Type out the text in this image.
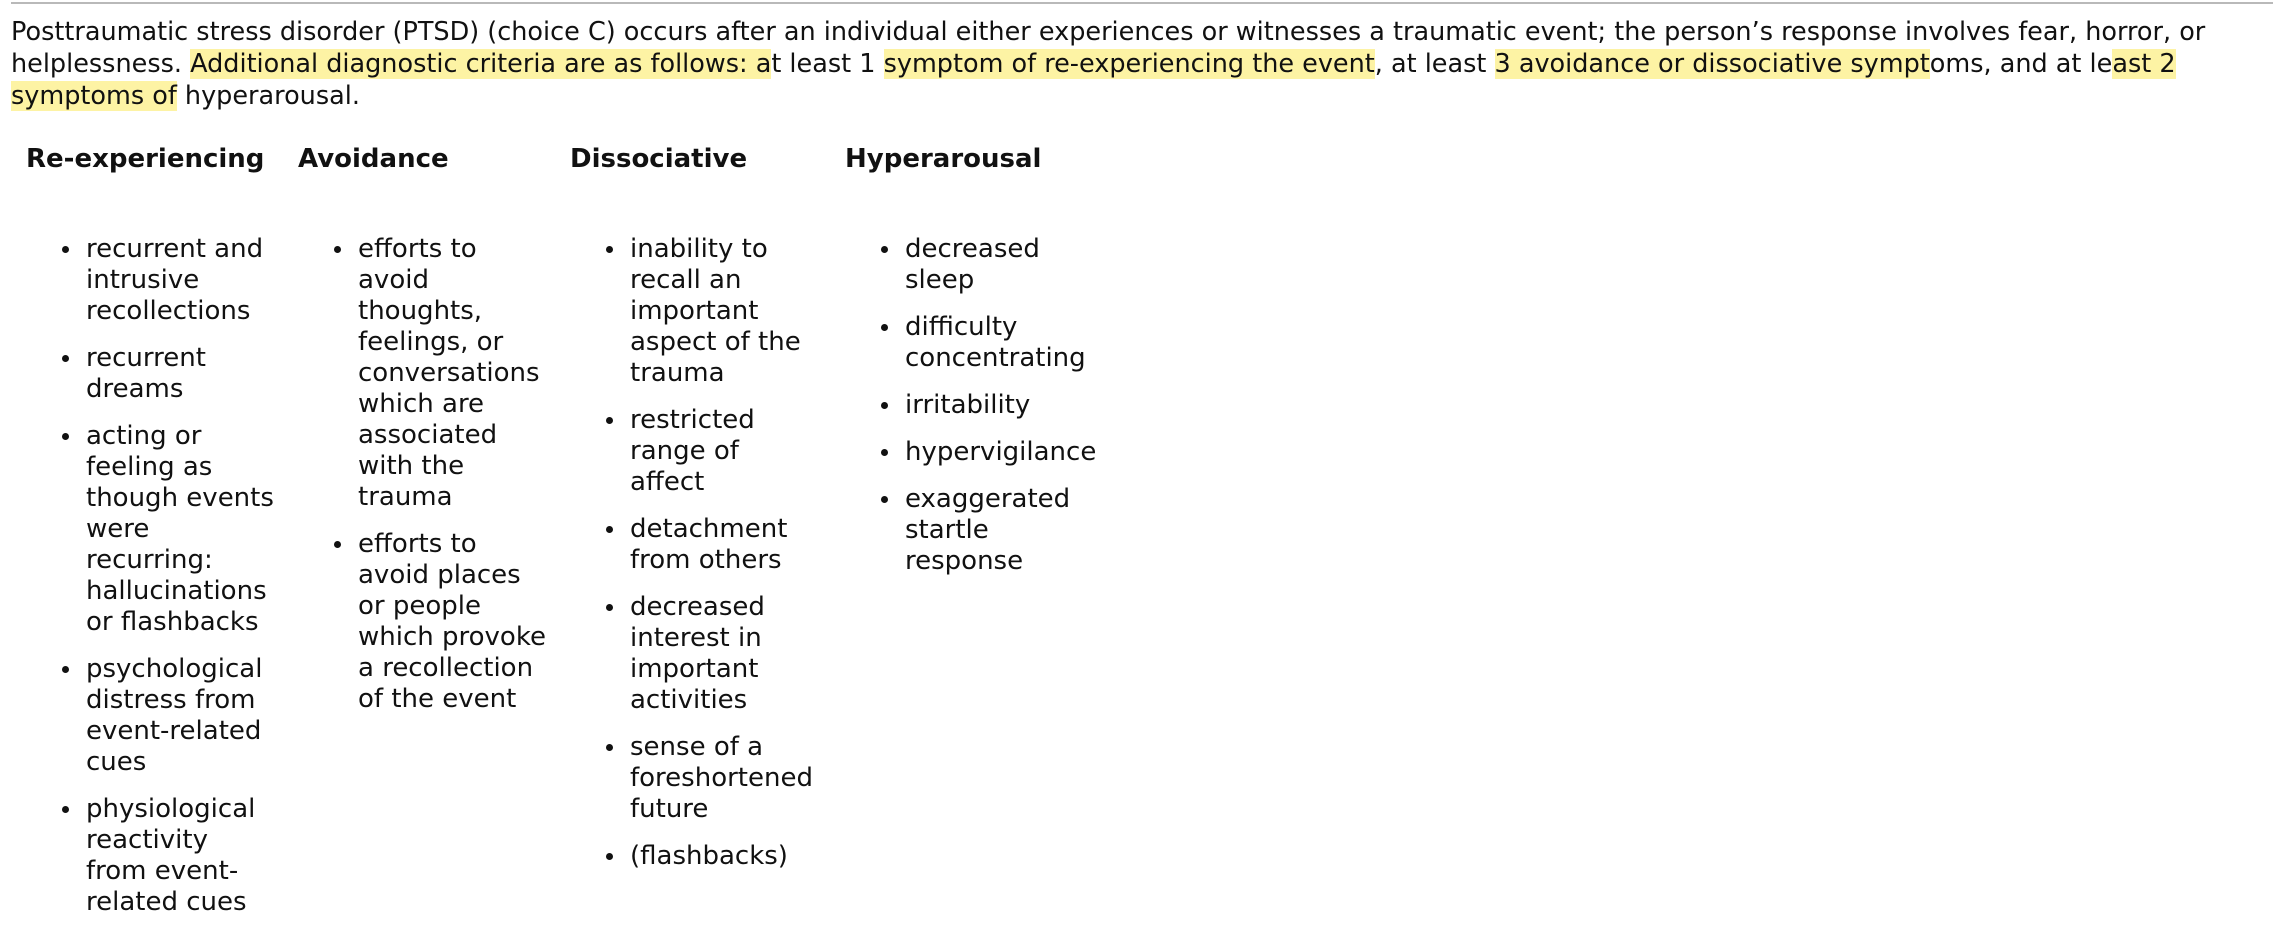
Posttraumatic stress disorder (PTSD) (choice C) occurs after an individual either experiences or witnesses a traumatic event; the person’s response involves fear, horror, or helplessness. Additional diagnostic criteria are as follows: at least 1 symptom of re-experiencing the event, at least 3 avoidance or dissociative symptoms, and at least 2 symptoms of hyperarousal.

Re-experiencing
recurrent and intrusive recollections
recurrent dreams
acting or feeling as though events were recurring: hallucinations or flashbacks
psychological distress from event-related cues
physiological reactivity from event-related cues
Avoidance
efforts to avoid thoughts, feelings, or conversations which are associated with the trauma
efforts to avoid places or people which provoke a recollection of the event
Dissociative
inability to recall an important aspect of the trauma
restricted range of affect
detachment from others
decreased interest in important activities
sense of a foreshortened future
(flashbacks)
Hyperarousal
decreased sleep
difficulty concentrating
irritability
hypervigilance
exaggerated startle response
